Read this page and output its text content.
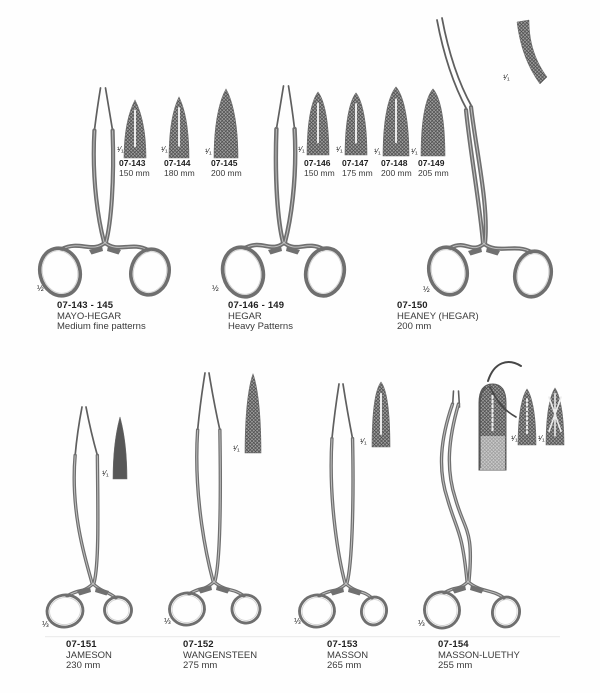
07-143 - 145
MAYO-HEGAR
Medium fine patterns
07-146 - 149
HEGAR
Heavy Patterns
07-150
HEANEY (HEGAR)
200 mm
07-151
JAMESON
230 mm
07-152
WANGENSTEEN
275 mm
07-153
MASSON
265 mm
07-154
MASSON-LUETHY
255 mm
07-143
150 mm
07-144
180 mm
07-145
200 mm
07-146
150 mm
07-147
175 mm
07-148
200 mm
07-149
205 mm
¹⁄₁	¹⁄₁	¹⁄₁	¹⁄₁	¹⁄₁	¹⁄₁	¹⁄₁
¹⁄₁
¹⁄₁
¹⁄₁
¹⁄₁	¹⁄₁	¹⁄₁
½	½	½
⅓	⅓	⅓	⅓
